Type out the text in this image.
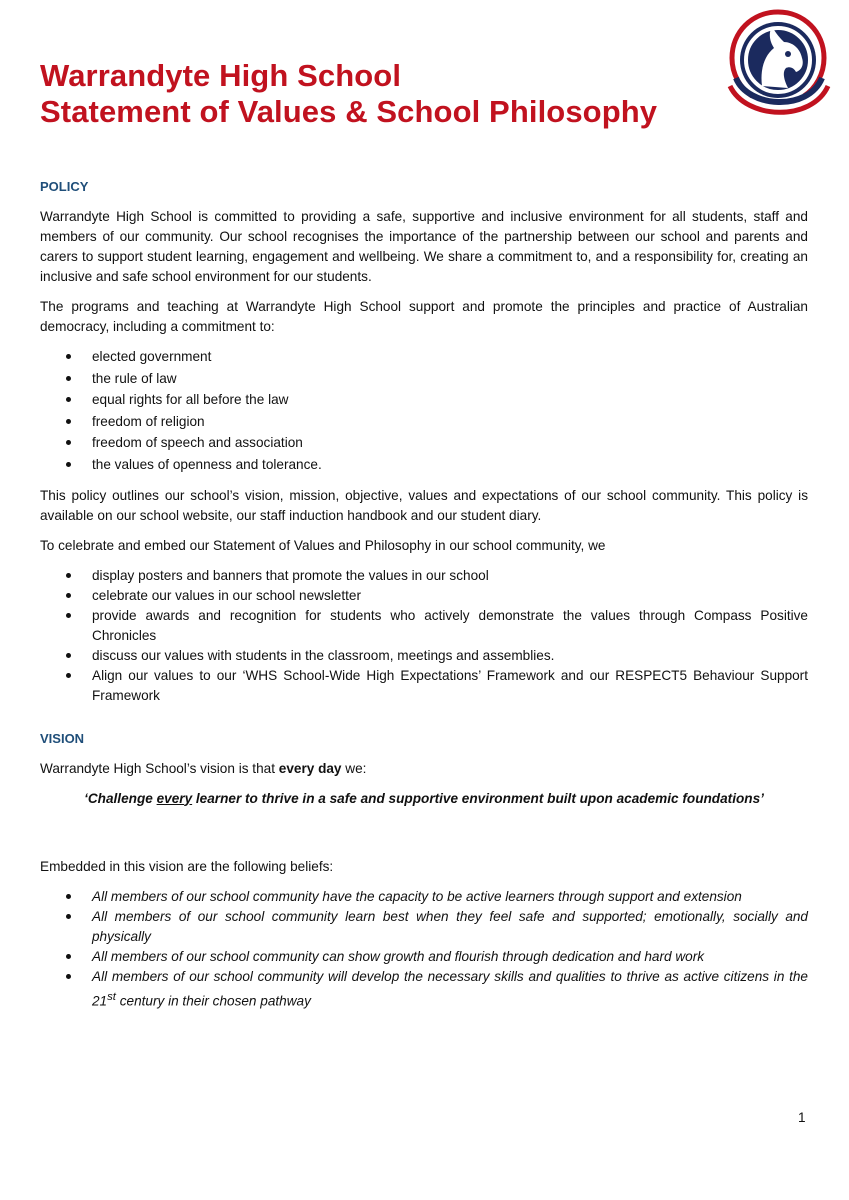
Warrandyte High School
Statement of Values & School Philosophy
POLICY

Warrandyte High School is committed to providing a safe, supportive and inclusive environment for all students, staff and members of our community. Our school recognises the importance of the partnership between our school and parents and carers to support student learning, engagement and wellbeing. We share a commitment to, and a responsibility for, creating an inclusive and safe school environment for our students.

The programs and teaching at Warrandyte High School support and promote the principles and practice of Australian democracy, including a commitment to:

elected government
the rule of law
equal rights for all before the law
freedom of religion
freedom of speech and association
the values of openness and tolerance.

This policy outlines our school’s vision, mission, objective, values and expectations of our school community. This policy is available on our school website, our staff induction handbook and our student diary.

To celebrate and embed our Statement of Values and Philosophy in our school community, we

display posters and banners that promote the values in our school
celebrate our values in our school newsletter
provide awards and recognition for students who actively demonstrate the values through Compass Positive Chronicles
discuss our values with students in the classroom, meetings and assemblies.
Align our values to our ‘WHS School-Wide High Expectations’ Framework and our RESPECT5 Behaviour Support Framework
VISION

Warrandyte High School’s vision is that every day we:

‘Challenge every learner to thrive in a safe and supportive environment built upon academic foundations’

Embedded in this vision are the following beliefs:

All members of our school community have the capacity to be active learners through support and extension
All members of our school community learn best when they feel safe and supported; emotionally, socially and physically
All members of our school community can show growth and flourish through dedication and hard work
All members of our school community will develop the necessary skills and qualities to thrive as active citizens in the 21st century in their chosen pathway
1
